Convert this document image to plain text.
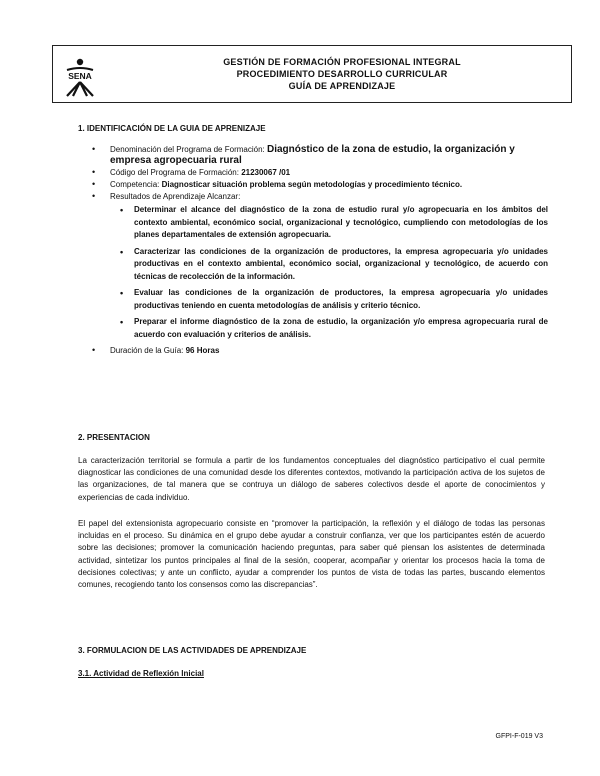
SENA
GESTIÓN DE FORMACIÓN PROFESIONAL INTEGRAL
PROCEDIMIENTO DESARROLLO CURRICULAR
GUÍA DE APRENDIZAJE
1. IDENTIFICACIÓN DE LA GUIA DE APRENIZAJE
• Denominación del Programa de Formación: Diagnóstico de la zona de estudio, la organización y empresa agropecuaria rural
• Código del Programa de Formación: 21230067 /01
• Competencia: Diagnosticar situación problema según metodologías y procedimiento técnico.
• Resultados de Aprendizaje Alcanzar:
• Determinar el alcance del diagnóstico de la zona de estudio rural y/o agropecuaria en los ámbitos del contexto ambiental, económico social, organizacional y tecnológico, cumpliendo con metodologías de los planes departamentales de extensión agropecuaria.
• Caracterizar las condiciones de la organización de productores, la empresa agropecuaria y/o unidades productivas en el contexto ambiental, económico social, organizacional y tecnológico, de acuerdo con técnicas de recolección de la información.
• Evaluar las condiciones de la organización de productores, la empresa agropecuaria y/o unidades productivas teniendo en cuenta metodologías de análisis y criterio técnico.
• Preparar el informe diagnóstico de la zona de estudio, la organización y/o empresa agropecuaria rural de acuerdo con evaluación y criterios de análisis.
• Duración de la Guía: 96 Horas
2. PRESENTACION

La caracterización territorial se formula a partir de los fundamentos conceptuales del diagnóstico participativo el cual permite diagnosticar las condiciones de una comunidad desde los diferentes contextos, motivando la participación activa de los sujetos de las organizaciones, de tal manera que se contruya un diálogo de saberes colectivos desde el aporte de conocimientos y experiencias de cada individuo.

El papel del extensionista agropecuario consiste en “promover la participación, la reflexión y el diálogo de todas las personas incluidas en el proceso. Su dinámica en el grupo debe ayudar a construir confianza, ver que los participantes estén de acuerdo sobre las decisiones; promover la comunicación haciendo preguntas, para saber qué piensan los asistentes de determinada actividad, sintetizar los puntos principales al final de la sesión, cooperar, acompañar y orientar los procesos hacia la toma de decisiones colectivas; y ante un conflicto, ayudar a comprender los puntos de vista de todas las partes, buscando elementos comunes, recogiendo tanto los consensos como las discrepancias”.

3. FORMULACION DE LAS ACTIVIDADES DE APRENDIZAJE
3.1. Actividad de Reflexión Inicial
GFPI-F-019 V3
